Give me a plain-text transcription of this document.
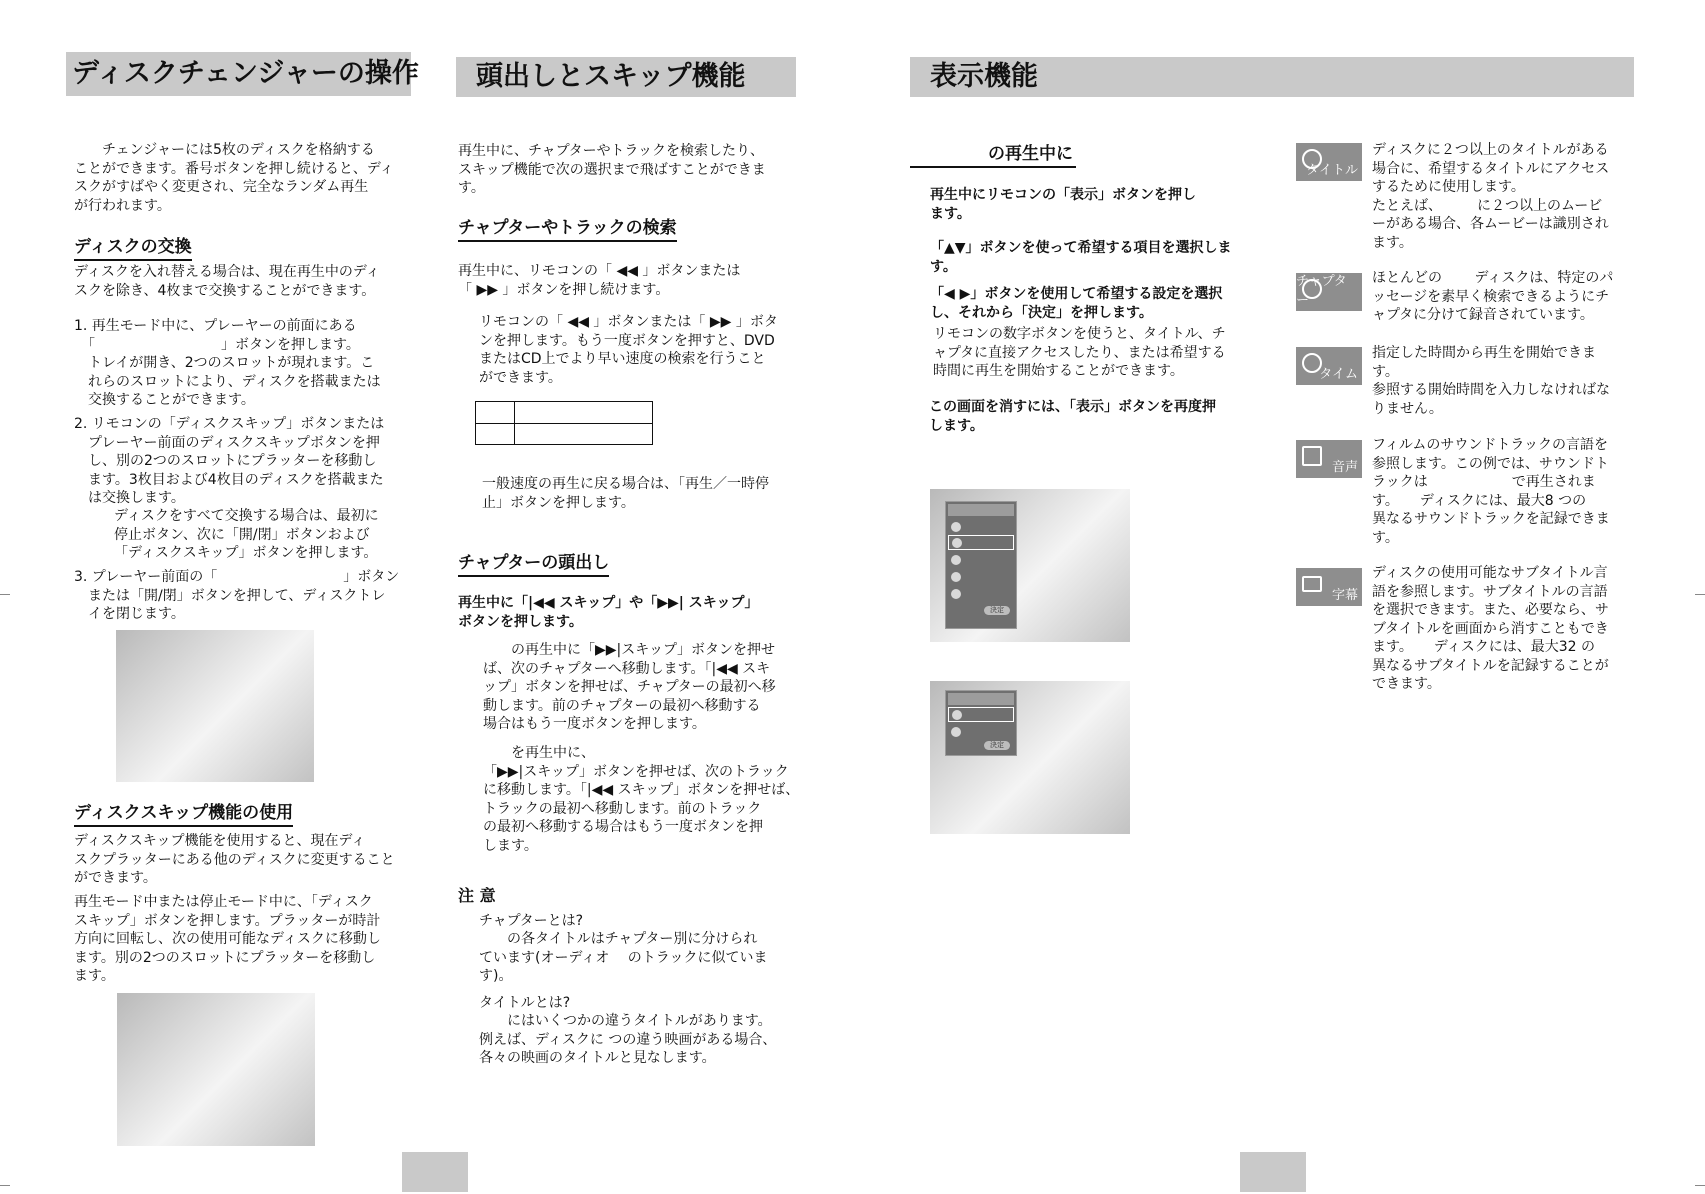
ディスクチェンジャーの操作
　　チェンジャーには5枚のディスクを格納する
ことができます。番号ボタンを押し続けると、ディ
スクがすばやく変更され、完全なランダム再生
が行われます。
ディスクの交換
ディスクを入れ替える場合は、現在再生中のディ
スクを除き、4枚まで交換することができます。
1. 再生モード中に、プレーヤーの前面にある
　「　　　　　　　　　」ボタンを押します。
　トレイが開き、2つのスロットが現れます。こ
　れらのスロットにより、ディスクを搭載または
　交換することができます。
2. リモコンの「ディスクスキップ」ボタンまたは
　プレーヤー前面のディスクスキップボタンを押
　し、別の2つのスロットにプラッターを移動し
　ます。3枚目および4枚目のディスクを搭載また
　は交換します。
ディスクをすべて交換する場合は、最初に
停止ボタン、次に「開/閉」ボタンおよび
「ディスクスキップ」ボタンを押します。
3. プレーヤー前面の「　　　　　　　　　」ボタン
　または「開/閉」ボタンを押して、ディスクトレ
　イを閉じます。
ディスクスキップ機能の使用
ディスクスキップ機能を使用すると、現在ディ
スクプラッターにある他のディスクに変更すること
ができます。
再生モード中または停止モード中に、「ディスク
スキップ」ボタンを押します。プラッターが時計
方向に回転し、次の使用可能なディスクに移動し
ます。別の2つのスロットにプラッターを移動し
ます。
頭出しとスキップ機能
再生中に、チャプターやトラックを検索したり、
スキップ機能で次の選択まで飛ばすことができま
す。
チャプターやトラックの検索
再生中に、リモコンの「 ◀◀ 」ボタンまたは
「 ▶▶ 」ボタンを押し続けます。
リモコンの「 ◀◀ 」ボタンまたは「 ▶▶ 」ボタ
ンを押します。もう一度ボタンを押すと、DVD
またはCD上でより早い速度の検索を行うこと
ができます。
一般速度の再生に戻る場合は、「再生／一時停
止」ボタンを押します。
チャプターの頭出し
再生中に「|◀◀ スキップ」や「▶▶| スキップ」
ボタンを押します。
　　の再生中に「▶▶|スキップ」ボタンを押せ
ば、次のチャプターへ移動します。「|◀◀ スキ
ップ」ボタンを押せば、チャプターの最初へ移
動します。前のチャプターの最初へ移動する
場合はもう一度ボタンを押します。
　　を再生中に、
「▶▶|スキップ」ボタンを押せば、次のトラック
に移動します。「|◀◀ スキップ」ボタンを押せば、
トラックの最初へ移動します。前のトラック
の最初へ移動する場合はもう一度ボタンを押
します。
注 意
チャプターとは?
　　の各タイトルはチャプター別に分けられ
ています(オーディオ　 のトラックに似ていま
す)。
タイトルとは?
　　にはいくつかの違うタイトルがあります。
例えば、ディスクに つの違う映画がある場合、
各々の映画のタイトルと見なします。
表示機能
の再生中に
再生中にリモコンの「表示」ボタンを押し
ます。
「▲▼」ボタンを使って希望する項目を選択しま
す。
「◀ ▶」ボタンを使用して希望する設定を選択
し、それから「決定」を押します。
リモコンの数字ボタンを使うと、タイトル、チ
ャプタに直接アクセスしたり、または希望する
時間に再生を開始することができます。
この画面を消すには、「表示」ボタンを再度押
します。
決定
決定
タイトル
ディスクに２つ以上のタイトルがある
場合に、希望するタイトルにアクセス
するために使用します。
たとえば、　　　に２つ以上のムービ
ーがある場合、各ムービーは識別され
ます。
チャプター
ほとんどの　　 ディスクは、特定のパ
ッセージを素早く検索できるようにチ
ャプタに分けて録音されています。
タイム
指定した時間から再生を開始できま
す。
参照する開始時間を入力しなければな
りません。
音声
フィルムのサウンドトラックの言語を
参照します。この例では、サウンドト
ラックは　　　　　　で再生されま
す。　　ディスクには、最大8 つの
異なるサウンドトラックを記録できま
す。
字幕
ディスクの使用可能なサブタイトル言
語を参照します。サブタイトルの言語
を選択できます。また、必要なら、サ
ブタイトルを画面から消すこともでき
ます。　　ディスクには、最大32 の
異なるサブタイトルを記録することが
できます。
